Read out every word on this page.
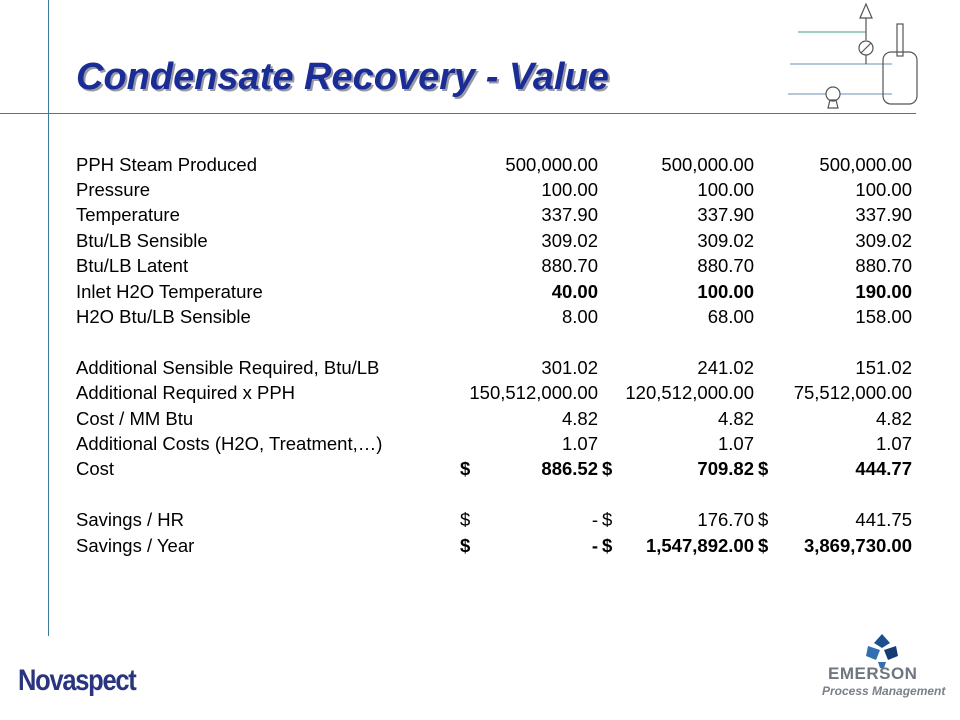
Condensate Recovery - Value
PPH Steam Produced	500,000.00	500,000.00	500,000.00
Pressure	100.00	100.00	100.00
Temperature	337.90	337.90	337.90
Btu/LB Sensible	309.02	309.02	309.02
Btu/LB Latent	880.70	880.70	880.70
Inlet H2O Temperature	40.00	100.00	190.00
H2O Btu/LB Sensible	8.00	68.00	158.00

Additional Sensible Required, Btu/LB	301.02	241.02	151.02
Additional Required x PPH	150,512,000.00	120,512,000.00	75,512,000.00
Cost / MM Btu	4.82	4.82	4.82
Additional Costs (H2O, Treatment,…)	1.07	1.07	1.07
Cost	$ 886.52	$ 709.82	$ 444.77

Savings / HR	$ -	$ 176.70	$ 441.75

Savings / Year	$ -	$ 1,547,892.00	$ 3,869,730.00
Novaspect	EMERSON
Process Management
